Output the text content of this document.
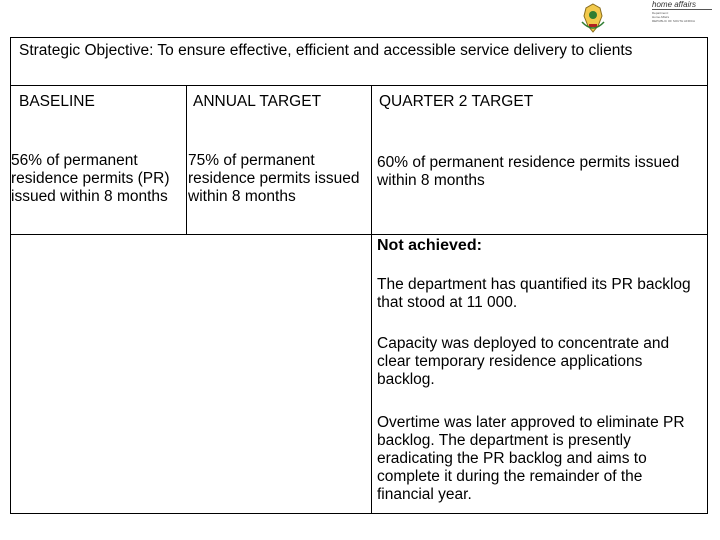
home affairs
Department:
Home Affairs
REPUBLIC OF SOUTH AFRICA
Strategic Objective: To ensure effective, efficient and accessible service delivery to clients
BASELINE	ANNUAL TARGET	QUARTER 2 TARGET
56% of permanent residence permits (PR) issued within 8 months
75% of permanent residence permits issued within 8 months
60% of permanent residence permits issued within 8 months
Not achieved:
The department has quantified its PR backlog that stood at 11 000.
Capacity was deployed to concentrate and clear temporary residence applications backlog.
Overtime was later approved to eliminate PR backlog. The department is presently eradicating the PR backlog and aims to complete it during the remainder of the financial year.
